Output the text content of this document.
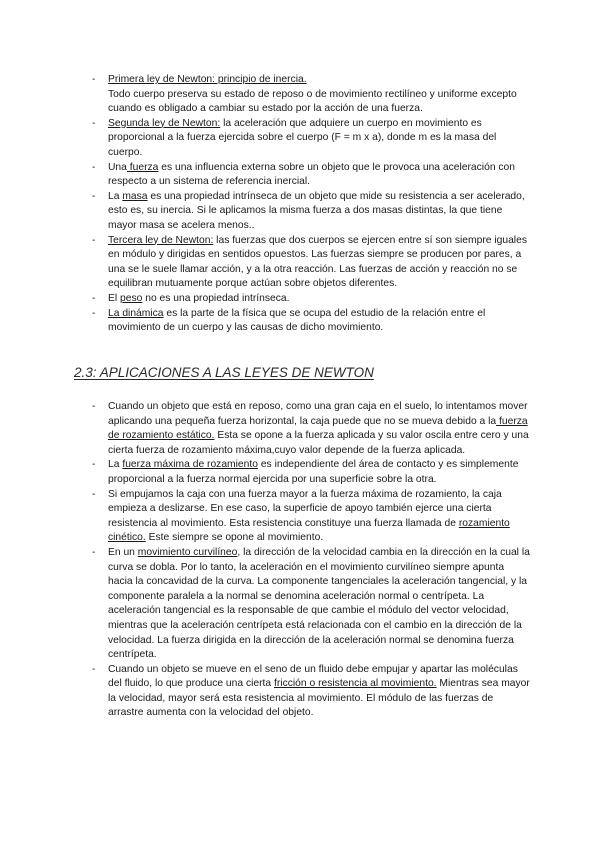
- Primera ley de Newton: principio de inercia.
Todo cuerpo preserva su estado de reposo o de movimiento rectilíneo y uniforme excepto cuando es obligado a cambiar su estado por la acción de una fuerza.
- Segunda ley de Newton: la aceleración que adquiere un cuerpo en movimiento es proporcional a la fuerza ejercida sobre el cuerpo (F = m x a), donde m es la masa del cuerpo.
- Una fuerza es una influencia externa sobre un objeto que le provoca una aceleración con respecto a un sistema de referencia inercial.
- La masa es una propiedad intrínseca de un objeto que mide su resistencia a ser acelerado, esto es, su inercia. Si le aplicamos la misma fuerza a dos masas distintas, la que tiene mayor masa se acelera menos..
- Tercera ley de Newton: las fuerzas que dos cuerpos se ejercen entre sí son siempre iguales en módulo y dirigidas en sentidos opuestos. Las fuerzas siempre se producen por pares, a una se le suele llamar acción, y a la otra reacción. Las fuerzas de acción y reacción no se equilibran mutuamente porque actúan sobre objetos diferentes.
- El peso no es una propiedad intrínseca.
- La dinámica es la parte de la física que se ocupa del estudio de la relación entre el movimiento de un cuerpo y las causas de dicho movimiento.
2.3: APLICACIONES A LAS LEYES DE NEWTON
- Cuando un objeto que está en reposo, como una gran caja en el suelo, lo intentamos mover aplicando una pequeña fuerza horizontal, la caja puede que no se mueva debido a la fuerza de rozamiento estático. Esta se opone a la fuerza aplicada y su valor oscila entre cero y una cierta fuerza de rozamiento máxima,cuyo valor depende de la fuerza aplicada.
- La fuerza máxima de rozamiento es independiente del área de contacto y es simplemente proporcional a la fuerza normal ejercida por una superficie sobre la otra.
- Si empujamos la caja con una fuerza mayor a la fuerza máxima de rozamiento, la caja empieza a deslizarse. En ese caso, la superficie de apoyo también ejerce una cierta resistencia al movimiento. Esta resistencia constituye una fuerza llamada de rozamiento cinético. Este siempre se opone al movimiento.
- En un movimiento curvilíneo, la dirección de la velocidad cambia en la dirección en la cual la curva se dobla. Por lo tanto, la aceleración en el movimiento curvilíneo siempre apunta hacia la concavidad de la curva. La componente tangenciales la aceleración tangencial, y la componente paralela a la normal se denomina aceleración normal o centrípeta. La aceleración tangencial es la responsable de que cambie el módulo del vector velocidad, mientras que la aceleración centrípeta está relacionada con el cambio en la dirección de la velocidad. La fuerza dirigida en la dirección de la aceleración normal se denomina fuerza centrípeta.
- Cuando un objeto se mueve en el seno de un fluido debe empujar y apartar las moléculas del fluido, lo que produce una cierta fricción o resistencia al movimiento. Mientras sea mayor la velocidad, mayor será esta resistencia al movimiento. El módulo de las fuerzas de arrastre aumenta con la velocidad del objeto.
